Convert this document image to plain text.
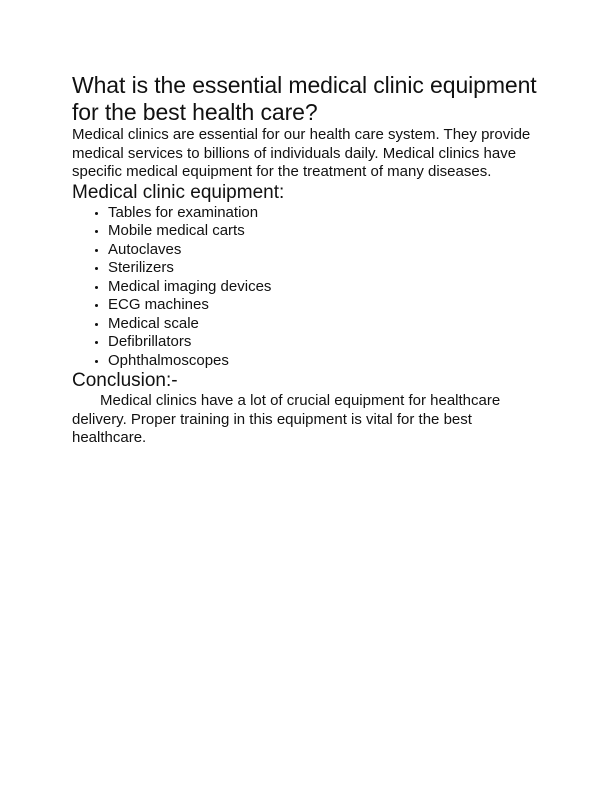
What is the essential medical clinic equipment for the best health care?

Medical clinics are essential for our health care system. They provide medical services to billions of individuals daily. Medical clinics have specific medical equipment for the treatment of many diseases.

Medical clinic equipment:
• Tables for examination
• Mobile medical carts
• Autoclaves
• Sterilizers
• Medical imaging devices
• ECG machines
• Medical scale
• Defibrillators
• Ophthalmoscopes
Conclusion:-

Medical clinics have a lot of crucial equipment for healthcare delivery. Proper training in this equipment is vital for the best healthcare.
